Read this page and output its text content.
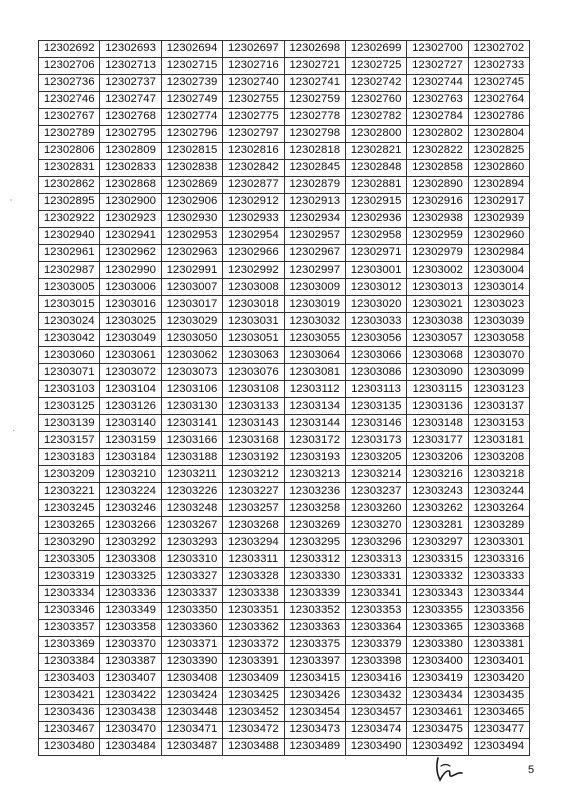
'
·
12302692	12302693	12302694	12302697	12302698	12302699	12302700	12302702
12302706	12302713	12302715	12302716	12302721	12302725	12302727	12302733
12302736	12302737	12302739	12302740	12302741	12302742	12302744	12302745
12302746	12302747	12302749	12302755	12302759	12302760	12302763	12302764
12302767	12302768	12302774	12302775	12302778	12302782	12302784	12302786
12302789	12302795	12302796	12302797	12302798	12302800	12302802	12302804
12302806	12302809	12302815	12302816	12302818	12302821	12302822	12302825
12302831	12302833	12302838	12302842	12302845	12302848	12302858	12302860
12302862	12302868	12302869	12302877	12302879	12302881	12302890	12302894
12302895	12302900	12302906	12302912	12302913	12302915	12302916	12302917
12302922	12302923	12302930	12302933	12302934	12302936	12302938	12302939
12302940	12302941	12302953	12302954	12302957	12302958	12302959	12302960
12302961	12302962	12302963	12302966	12302967	12302971	12302979	12302984
12302987	12302990	12302991	12302992	12302997	12303001	12303002	12303004
12303005	12303006	12303007	12303008	12303009	12303012	12303013	12303014
12303015	12303016	12303017	12303018	12303019	12303020	12303021	12303023
12303024	12303025	12303029	12303031	12303032	12303033	12303038	12303039
12303042	12303049	12303050	12303051	12303055	12303056	12303057	12303058
12303060	12303061	12303062	12303063	12303064	12303066	12303068	12303070
12303071	12303072	12303073	12303076	12303081	12303086	12303090	12303099
12303103	12303104	12303106	12303108	12303112	12303113	12303115	12303123
12303125	12303126	12303130	12303133	12303134	12303135	12303136	12303137
12303139	12303140	12303141	12303143	12303144	12303146	12303148	12303153
12303157	12303159	12303166	12303168	12303172	12303173	12303177	12303181
12303183	12303184	12303188	12303192	12303193	12303205	12303206	12303208
12303209	12303210	12303211	12303212	12303213	12303214	12303216	12303218
12303221	12303224	12303226	12303227	12303236	12303237	12303243	12303244
12303245	12303246	12303248	12303257	12303258	12303260	12303262	12303264
12303265	12303266	12303267	12303268	12303269	12303270	12303281	12303289
12303290	12303292	12303293	12303294	12303295	12303296	12303297	12303301
12303305	12303308	12303310	12303311	12303312	12303313	12303315	12303316
12303319	12303325	12303327	12303328	12303330	12303331	12303332	12303333
12303334	12303336	12303337	12303338	12303339	12303341	12303343	12303344
12303346	12303349	12303350	12303351	12303352	12303353	12303355	12303356
12303357	12303358	12303360	12303362	12303363	12303364	12303365	12303368
12303369	12303370	12303371	12303372	12303375	12303379	12303380	12303381
12303384	12303387	12303390	12303391	12303397	12303398	12303400	12303401
12303403	12303407	12303408	12303409	12303415	12303416	12303419	12303420
12303421	12303422	12303424	12303425	12303426	12303432	12303434	12303435
12303436	12303438	12303448	12303452	12303454	12303457	12303461	12303465
12303467	12303470	12303471	12303472	12303473	12303474	12303475	12303477
12303480	12303484	12303487	12303488	12303489	12303490	12303492	12303494
5
